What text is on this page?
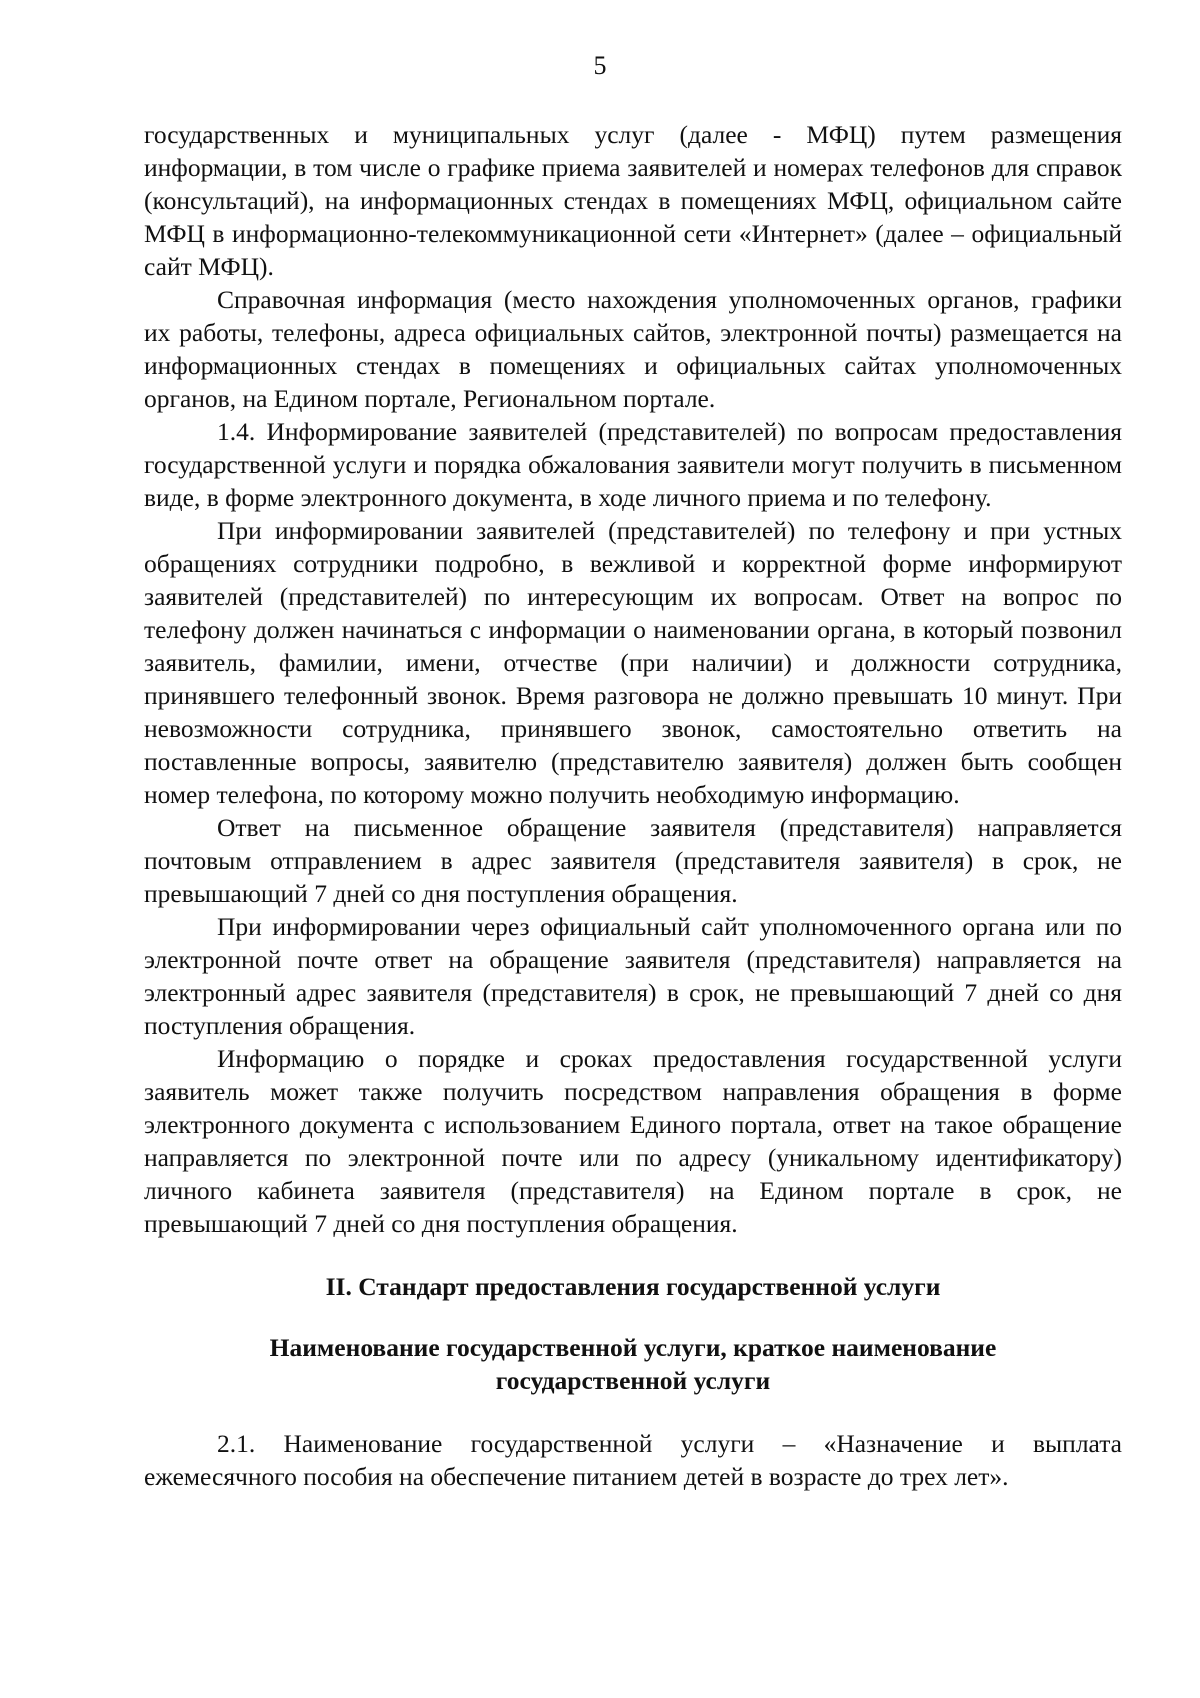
5

государственных и муниципальных услуг (далее - МФЦ) путем размещения информации, в том числе о графике приема заявителей и номерах телефонов для справок (консультаций), на информационных стендах в помещениях МФЦ, официальном сайте МФЦ в информационно-телекоммуникационной сети «Интернет» (далее – официальный сайт МФЦ).

Справочная информация (место нахождения уполномоченных органов, графики их работы, телефоны, адреса официальных сайтов, электронной почты) размещается на информационных стендах в помещениях и официальных сайтах уполномоченных органов, на Едином портале, Региональном портале.

1.4. Информирование заявителей (представителей) по вопросам предоставления государственной услуги и порядка обжалования заявители могут получить в письменном виде, в форме электронного документа, в ходе личного приема и по телефону.

При информировании заявителей (представителей) по телефону и при устных обращениях сотрудники подробно, в вежливой и корректной форме информируют заявителей (представителей) по интересующим их вопросам. Ответ на вопрос по телефону должен начинаться с информации о наименовании органа, в который позвонил заявитель, фамилии, имени, отчестве (при наличии) и должности сотрудника, принявшего телефонный звонок. Время разговора не должно превышать 10 минут. При невозможности сотрудника, принявшего звонок, самостоятельно ответить на поставленные вопросы, заявителю (представителю заявителя) должен быть сообщен номер телефона, по которому можно получить необходимую информацию.

Ответ на письменное обращение заявителя (представителя) направляется почтовым отправлением в адрес заявителя (представителя заявителя) в срок, не превышающий 7 дней со дня поступления обращения.

При информировании через официальный сайт уполномоченного органа или по электронной почте ответ на обращение заявителя (представителя) направляется на электронный адрес заявителя (представителя) в срок, не превышающий 7 дней со дня поступления обращения.

Информацию о порядке и сроках предоставления государственной услуги заявитель может также получить посредством направления обращения в форме электронного документа с использованием Единого портала, ответ на такое обращение направляется по электронной почте или по адресу (уникальному идентификатору) личного кабинета заявителя (представителя) на Едином портале в срок, не превышающий 7 дней со дня поступления обращения.

II. Стандарт предоставления государственной услуги
Наименование государственной услуги, краткое наименование
государственной услуги

2.1. Наименование государственной услуги – «Назначение и выплата ежемесячного пособия на обеспечение питанием детей в возрасте до трех лет».
